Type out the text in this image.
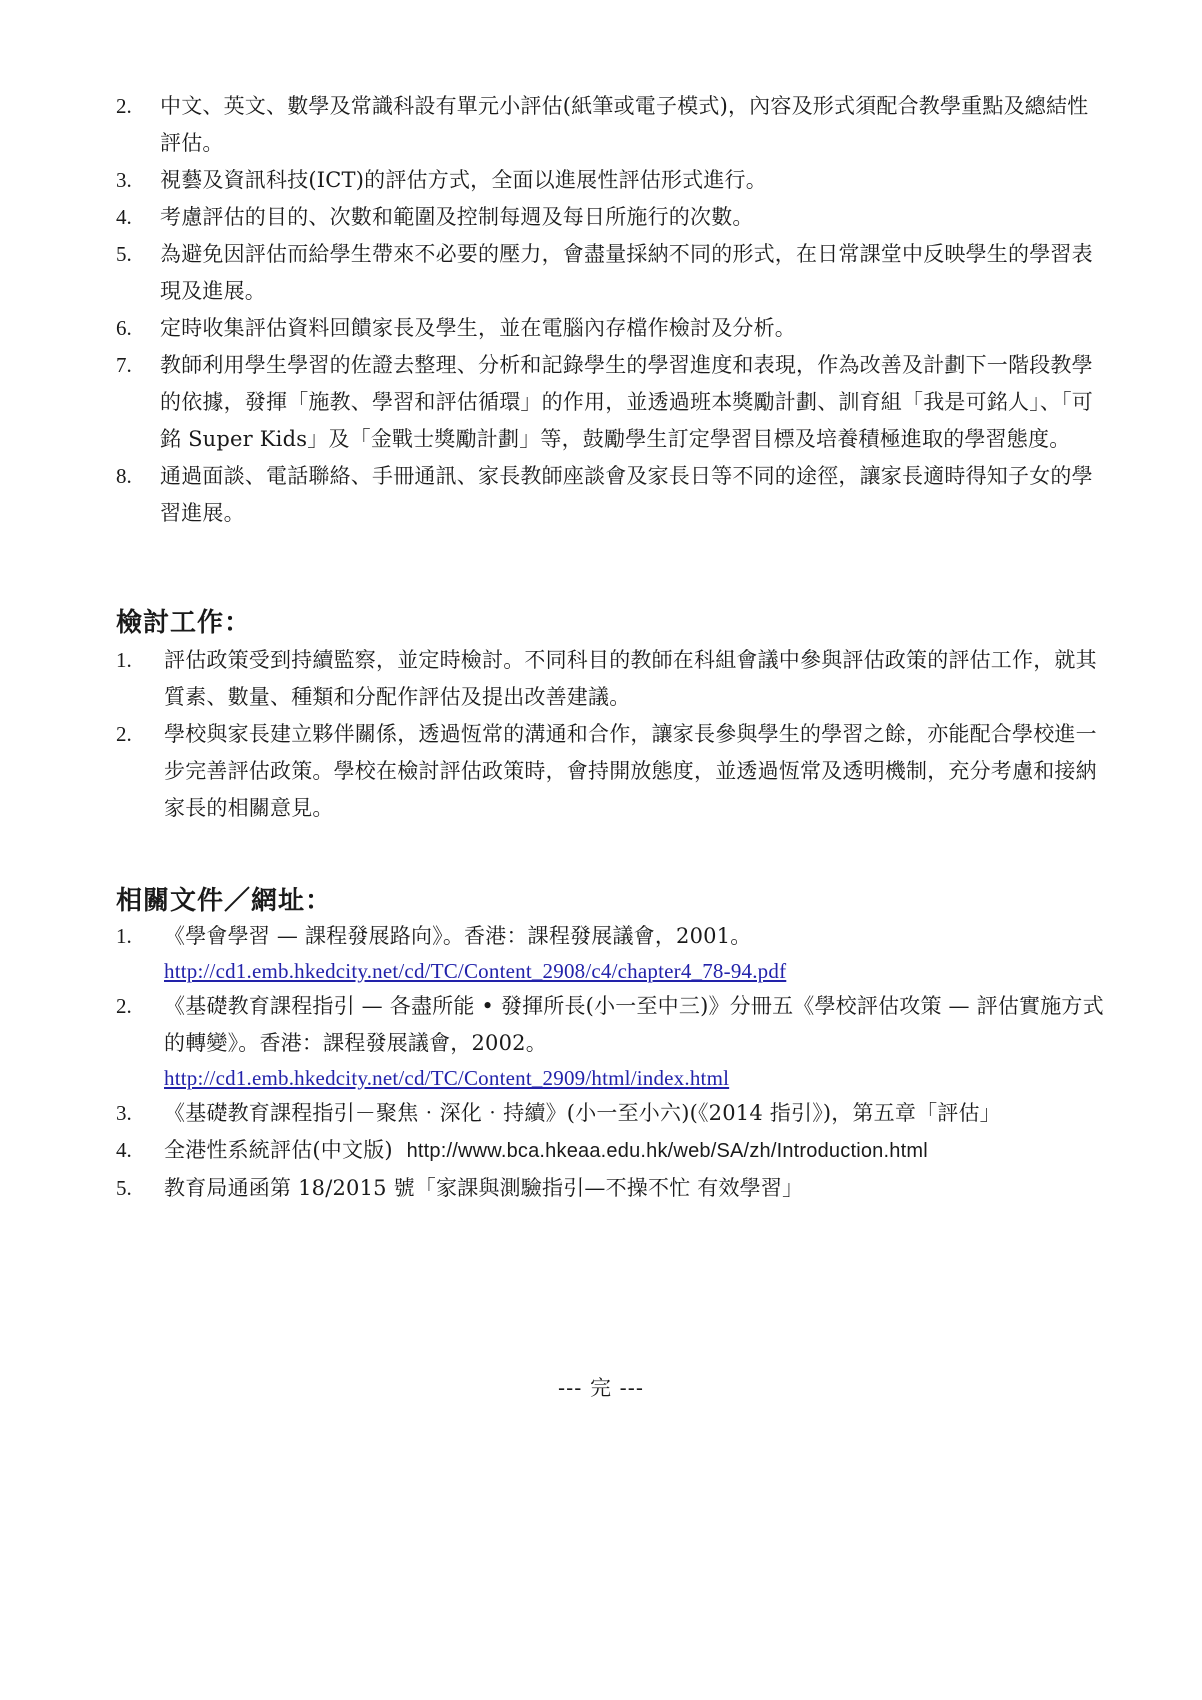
2.	中文、英文、數學及常識科設有單元小評估(紙筆或電子模式)，內容及形式須配合教學重點及總結性評估。
3.	視藝及資訊科技(ICT)的評估方式，全面以進展性評估形式進行。
4.	考慮評估的目的、次數和範圍及控制每週及每日所施行的次數。
5.	為避免因評估而給學生帶來不必要的壓力，會盡量採納不同的形式，在日常課堂中反映學生的學習表現及進展。
6.	定時收集評估資料回饋家長及學生，並在電腦內存檔作檢討及分析。
7.	教師利用學生學習的佐證去整理、分析和記錄學生的學習進度和表現，作為改善及計劃下一階段教學的依據，發揮「施教、學習和評估循環」的作用，並透過班本獎勵計劃、訓育組「我是可銘人」、「可銘 Super Kids」及「金戰士獎勵計劃」等，鼓勵學生訂定學習目標及培養積極進取的學習態度。
8.	通過面談、電話聯絡、手冊通訊、家長教師座談會及家長日等不同的途徑，讓家長適時得知子女的學習進展。
檢討工作：
1.	評估政策受到持續監察，並定時檢討。不同科目的教師在科組會議中參與評估政策的評估工作，就其質素、數量、種類和分配作評估及提出改善建議。
2.	學校與家長建立夥伴關係，透過恆常的溝通和合作，讓家長參與學生的學習之餘，亦能配合學校進一步完善評估政策。學校在檢討評估政策時，會持開放態度，並透過恆常及透明機制，充分考慮和接納家長的相關意見。
相關文件／網址：
1.	《學會學習 — 課程發展路向》。香港：課程發展議會，2001。
http://cd1.emb.hkedcity.net/cd/TC/Content_2908/c4/chapter4_78-94.pdf
2.	《基礎教育課程指引 — 各盡所能 • 發揮所長(小一至中三)》分冊五《學校評估攻策 — 評估實施方式的轉變》。香港：課程發展議會，2002。
http://cd1.emb.hkedcity.net/cd/TC/Content_2909/html/index.html
3.	《基礎教育課程指引－聚焦‧深化‧持續》(小一至小六)(《2014 指引》)，第五章「評估」
4.	全港性系統評估(中文版) http://www.bca.hkeaa.edu.hk/web/SA/zh/Introduction.html
5.	教育局通函第 18/2015 號「家課與測驗指引—不操不忙 有效學習」
--- 完 ---
